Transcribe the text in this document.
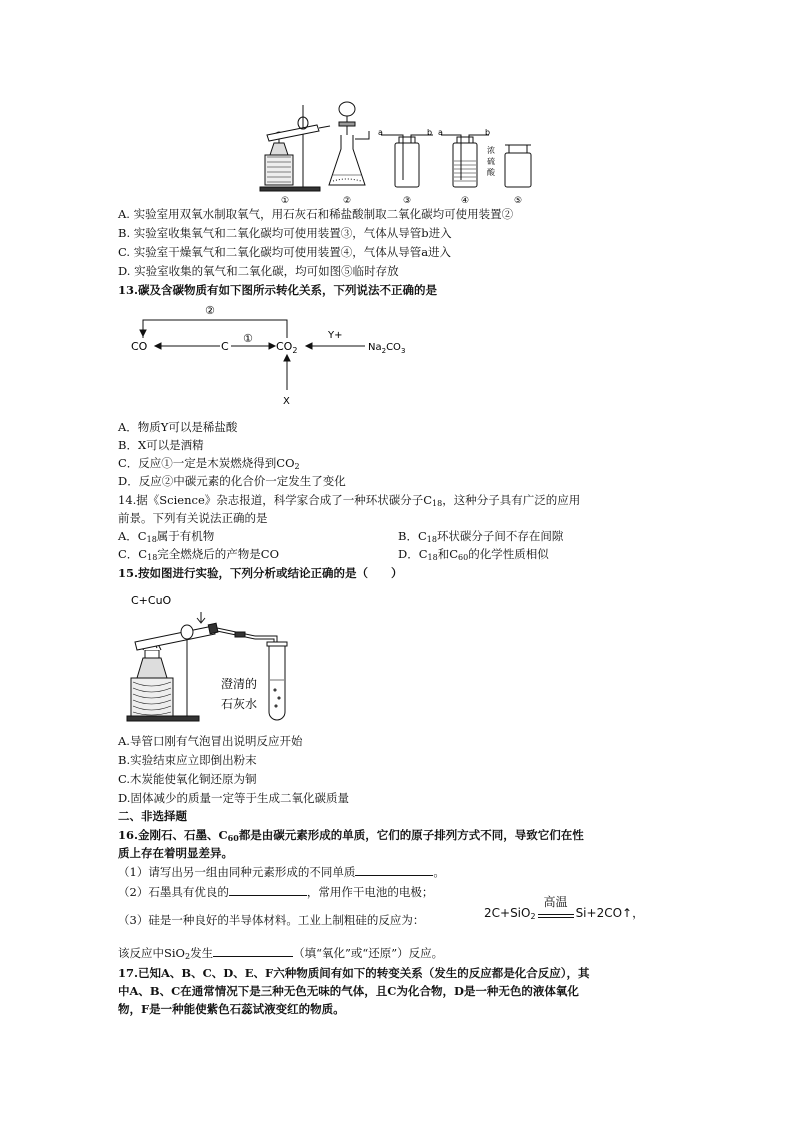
①	②
a	b
③
a	b
浓硫酸
④	⑤
A. 实验室用双氧水制取氧气，用石灰石和稀盐酸制取二氧化碳均可使用装置②
B. 实验室收集氧气和二氧化碳均可使用装置③，气体从导管b进入
C. 实验室干燥氧气和二氧化碳均可使用装置④，气体从导管a进入
D. 实验室收集的氧气和二氧化碳，均可如图⑤临时存放
13.碳及含碳物质有如下图所示转化关系，下列说法不正确的是
CO	C	$CO_2$
Y+
$Na_2CO_3$
X
①
②
A．物质Y可以是稀盐酸
B．X可以是酒精
C．反应①一定是木炭燃烧得到$CO_2$
D．反应②中碳元素的化合价一定发生了变化
14.据《Science》杂志报道，科学家合成了一种环状碳分子$C_{18}$，这种分子具有广泛的应用
前景。下列有关说法正确的是
A．$C_{18}$属于有机物	B．$C_{18}$环状碳分子间不存在间隙
C．$C_{18}$完全燃烧后的产物是CO	D．$C_{18}$和$C_{60}$的化学性质相似
15.按如图进行实验，下列分析或结论正确的是（　　）
C+CuO
澄清的
石灰水
A.导管口刚有气泡冒出说明反应开始
B.实验结束应立即倒出粉末
C.木炭能使氧化铜还原为铜
D.固体减少的质量一定等于生成二氧化碳质量
二、非选择题
16.金刚石、石墨、$C_{60}$都是由碳元素形成的单质，它们的原子排列方式不同，导致它们在性
质上存在着明显差异。
（1）请写出另一组由同种元素形成的不同单质	。
（2）石墨具有优良的	，常用作干电池的电极；
（3）硅是一种良好的半导体材料。工业上制粗硅的反应为：	2C+SiO$_2$
高温
Si+2CO↑，
该反应中SiO$_2$发生	（填“氧化”或“还原”）反应。
17.已知A、B、C、D、E、F六种物质间有如下的转变关系（发生的反应都是化合反应），其
中A、B、C在通常情况下是三种无色无味的气体，且C为化合物，D是一种无色的液体氧化
物，F是一种能使紫色石蕊试液变红的物质。
